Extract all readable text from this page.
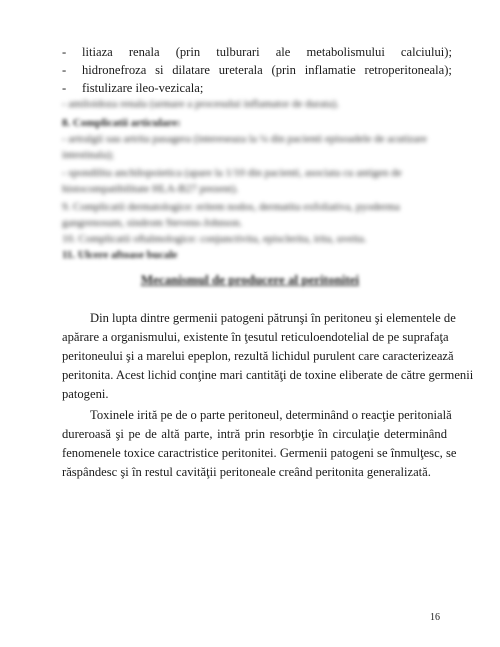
-	litiaza renala (prin tulburari ale metabolismului calciului);
-	hidronefroza si dilatare ureterala (prin inflamatie retroperitoneala);
-	fistulizare ileo-vezicala;
- amiloidoza renala (urmare a procesului inflamator de durata).
8. Complicatii articulare:
- artralgii sau artrita pasagera (intereseaza la ¼ din pacienti episoadele de acutizare
intestinala);
- spondilita anchilopoietica (apare la 1/10 din pacienti, asociata cu antigen de
histocompatibilitate HLA-B27 prezent).
9. Complicatii dermatologice: eritem nodos, dermatita exfoliativa, pyoderma
gangrenosum, sindrom Stevens-Johnson.
10. Complicatii oftalmologice: conjunctivita, episclerita, irita, uveita.
11. Ulcere aftoase bucale
Mecanismul de producere al peritonitei
Din lupta dintre germenii patogeni pătrunşi în peritoneu şi elementele de
apărare a organismului, existente în ţesutul reticuloendotelial de pe suprafaţa
peritoneului şi a marelui epeplon, rezultă lichidul purulent care caracterizează
peritonita. Acest lichid conţine mari cantităţi de toxine eliberate de către germenii
patogeni.
Toxinele irită pe de o parte peritoneul, determinând o reacţie peritonială
dureroasă şi pe de altă parte, intră prin resorbţie în circulaţie determinând
fenomenele toxice caractristice peritonitei. Germenii patogeni se înmulţesc, se
răspândesc şi în restul cavităţii peritoneale creând peritonita generalizată.
16
